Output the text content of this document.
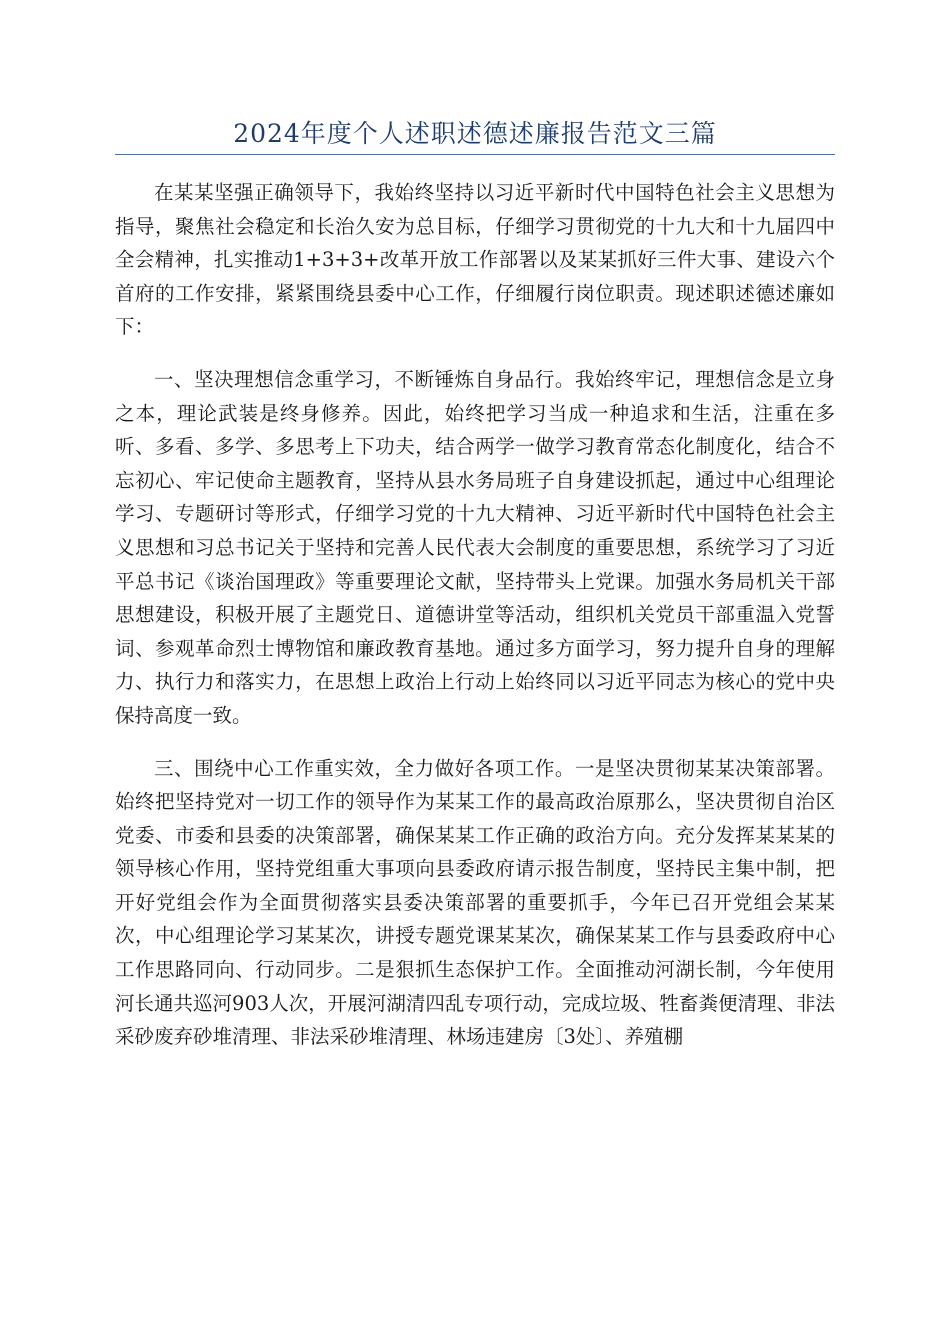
2024年度个人述职述德述廉报告范文三篇

在某某坚强正确领导下，我始终坚持以习近平新时代中国特色社会主义思想为指导，聚焦社会稳定和长治久安为总目标，仔细学习贯彻党的十九大和十九届四中全会精神，扎实推动1+3+3+改革开放工作部署以及某某抓好三件大事、建设六个首府的工作安排，紧紧围绕县委中心工作，仔细履行岗位职责。现述职述德述廉如下：

一、坚决理想信念重学习，不断锤炼自身品行。我始终牢记，理想信念是立身之本，理论武装是终身修养。因此，始终把学习当成一种追求和生活，注重在多听、多看、多学、多思考上下功夫，结合两学一做学习教育常态化制度化，结合不忘初心、牢记使命主题教育，坚持从县水务局班子自身建设抓起，通过中心组理论学习、专题研讨等形式，仔细学习党的十九大精神、习近平新时代中国特色社会主义思想和习总书记关于坚持和完善人民代表大会制度的重要思想，系统学习了习近平总书记《谈治国理政》等重要理论文献，坚持带头上党课。加强水务局机关干部思想建设，积极开展了主题党日、道德讲堂等活动，组织机关党员干部重温入党誓词、参观革命烈士博物馆和廉政教育基地。通过多方面学习，努力提升自身的理解力、执行力和落实力，在思想上政治上行动上始终同以习近平同志为核心的党中央保持高度一致。

三、围绕中心工作重实效，全力做好各项工作。一是坚决贯彻某某决策部署。始终把坚持党对一切工作的领导作为某某工作的最高政治原那么，坚决贯彻自治区党委、市委和县委的决策部署，确保某某工作正确的政治方向。充分发挥某某某的领导核心作用，坚持党组重大事项向县委政府请示报告制度，坚持民主集中制，把开好党组会作为全面贯彻落实县委决策部署的重要抓手，今年已召开党组会某某次，中心组理论学习某某次，讲授专题党课某某次，确保某某工作与县委政府中心工作思路同向、行动同步。二是狠抓生态保护工作。全面推动河湖长制，今年使用河长通共巡河903人次，开展河湖清四乱专项行动，完成垃圾、牲畜粪便清理、非法采砂废弃砂堆清理、非法采砂堆清理、林场违建房〔3处〕、养殖棚
